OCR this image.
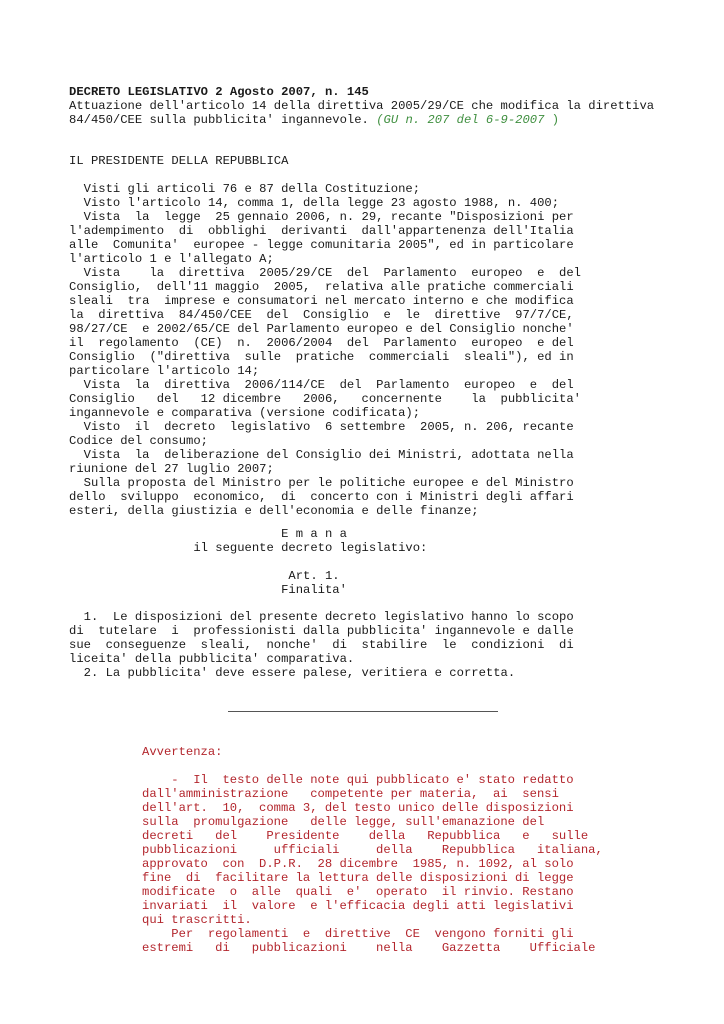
DECRETO LEGISLATIVO 2 Agosto 2007, n. 145
Attuazione dell'articolo 14 della direttiva 2005/29/CE che modifica la direttiva
84/450/CEE sulla pubblicita' ingannevole. (GU n. 207 del 6-9-2007 )
IL PRESIDENTE DELLA REPUBBLICA
Visti gli articoli 76 e 87 della Costituzione;
Visto l'articolo 14, comma 1, della legge 23 agosto 1988, n. 400;
Vista  la  legge  25 gennaio 2006, n. 29, recante "Disposizioni per
l'adempimento  di  obblighi  derivanti  dall'appartenenza dell'Italia
alle  Comunita'  europee - legge comunitaria 2005", ed in particolare
l'articolo 1 e l'allegato A;
Vista    la  direttiva  2005/29/CE  del  Parlamento  europeo  e  del
Consiglio,  dell'11 maggio  2005,  relativa alle pratiche commerciali
sleali  tra  imprese e consumatori nel mercato interno e che modifica
la  direttiva  84/450/CEE  del  Consiglio  e  le  direttive  97/7/CE,
98/27/CE  e 2002/65/CE del Parlamento europeo e del Consiglio nonche'
il  regolamento  (CE)  n.  2006/2004  del  Parlamento  europeo  e del
Consiglio  ("direttiva  sulle  pratiche  commerciali  sleali"), ed in
particolare l'articolo 14;
Vista  la  direttiva  2006/114/CE  del  Parlamento  europeo  e  del
Consiglio   del   12 dicembre   2006,   concernente    la  pubblicita'
ingannevole e comparativa (versione codificata);
Visto  il  decreto  legislativo  6 settembre  2005, n. 206, recante
Codice del consumo;
Vista  la  deliberazione del Consiglio dei Ministri, adottata nella
riunione del 27 luglio 2007;
Sulla proposta del Ministro per le politiche europee e del Ministro
dello  sviluppo  economico,  di  concerto con i Ministri degli affari
esteri, della giustizia e dell'economia e delle finanze;
E m a n a
il seguente decreto legislativo:
Art. 1.
Finalita'
1.  Le disposizioni del presente decreto legislativo hanno lo scopo
di  tutelare  i  professionisti dalla pubblicita' ingannevole e dalle
sue  conseguenze  sleali,  nonche'  di  stabilire  le  condizioni  di
liceita' della pubblicita' comparativa.
2. La pubblicita' deve essere palese, veritiera e corretta.
Avvertenza:
-  Il  testo delle note qui pubblicato e' stato redatto
dall'amministrazione   competente per materia,  ai  sensi
dell'art.  10,  comma 3, del testo unico delle disposizioni
sulla  promulgazione   delle legge, sull'emanazione del
decreti   del    Presidente    della   Repubblica   e   sulle
pubblicazioni     ufficiali     della    Repubblica   italiana,
approvato  con  D.P.R.  28 dicembre  1985, n. 1092, al solo
fine  di  facilitare la lettura delle disposizioni di legge
modificate  o  alle  quali  e'  operato  il rinvio. Restano
invariati  il  valore  e l'efficacia degli atti legislativi
qui trascritti.
Per  regolamenti  e  direttive  CE  vengono forniti gli
estremi   di   pubblicazioni    nella    Gazzetta    Ufficiale
